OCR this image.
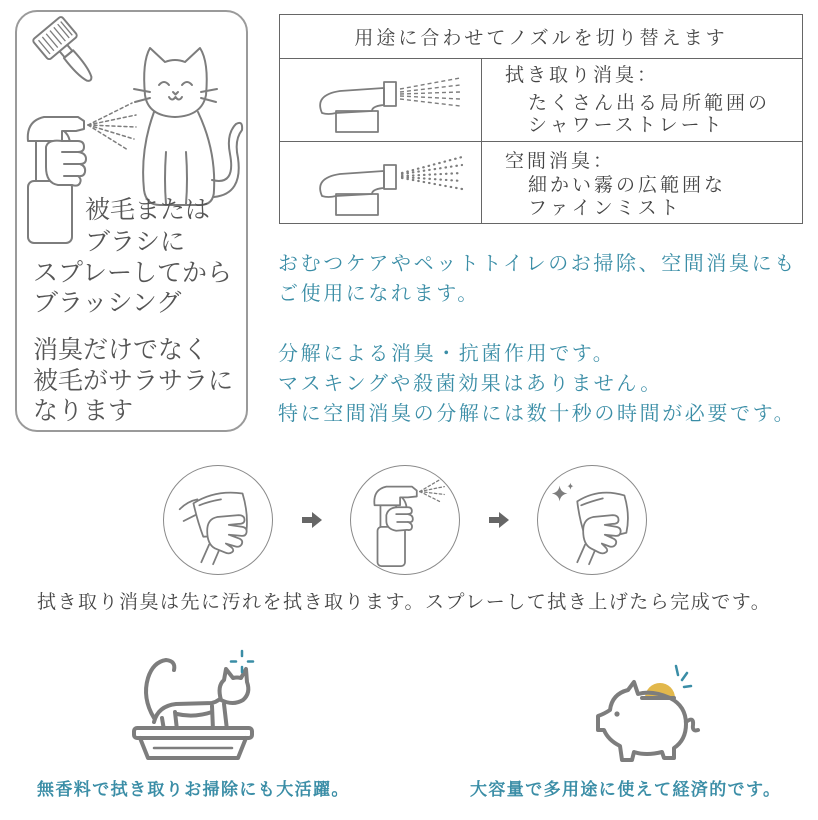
被毛または
ブラシに
スプレーしてから
ブラッシング
消臭だけでなく
被毛がサラサラに
なります
用途に合わせてノズルを切り替えます
拭き取り消臭：
たくさん出る局所範囲の
シャワーストレート
空間消臭：
細かい霧の広範囲な
ファインミスト
おむつケアやペットトイレのお掃除、空間消臭にも
ご使用になれます。
分解による消臭・抗菌作用です。
マスキングや殺菌効果はありません。
特に空間消臭の分解には数十秒の時間が必要です。
拭き取り消臭は先に汚れを拭き取ります。スプレーして拭き上げたら完成です。
無香料で拭き取りお掃除にも大活躍。	大容量で多用途に使えて経済的です。
